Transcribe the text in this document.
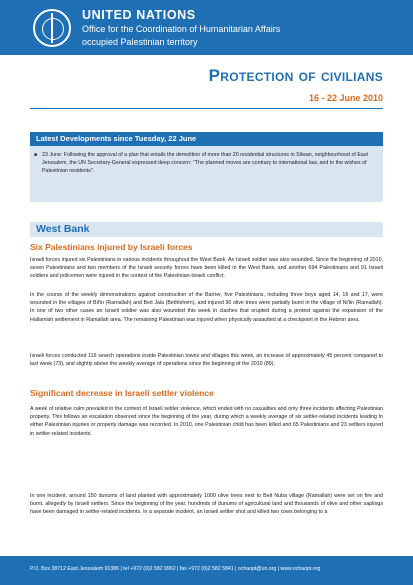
UNITED NATIONS
Office for the Coordination of Humanitarian Affairs
occupied Palestinian territory
Protection of civilians
16 - 22 June 2010
Latest Developments since Tuesday, 22 June
■ 23 June: Following the approval of a plan that entails the demolition of more than 20 residential structures in Silwan, neighbourhood of East Jerusalem, the UN Secretary-General expressed deep concern: "The planned moves are contrary to international law, and to the wishes of Palestinian residents".
West Bank
Six Palestinians injured by Israeli forces
Israeli forces injured six Palestinians in various incidents throughout the West Bank. An Israeli soldier was also wounded. Since the beginning of 2010, seven Palestinians and two members of the Israeli security forces have been killed in the West Bank, and another 694 Palestinians and 91 Israeli soldiers and policemen were injured in the context of the Palestinian-Israeli conflict.
In the course of the weekly demonstrations against construction of the Barrier, five Palestinians, including three boys aged 14, 16 and 17, were wounded in the villages of Bil'in (Ramallah) and Beit Jala (Bethlehem), and injured 90 olive trees were partially burnt in the village of Ni'lin (Ramallah). In one of two other cases an Israeli soldier was also wounded this week in clashes that erupted during a protest against the expansion of the Hallamish settlement in Ramallah area. The remaining Palestinian was injured when physically assaulted at a checkpoint in the Hebron area.
Israeli forces conducted 116 search operations inside Palestinian towns and villages this week, an increase of approximately 45 percent compared to last week (73), and slightly above the weekly average of operations since the beginning of the 2010 (89).
Significant decrease in Israeli settler violence
A week of relative calm prevailed in the context of Israeli settler violence, which ended with no casualties and only three incidents affecting Palestinian property. This follows an escalation observed since the beginning of the year, during which a weekly average of six settler-related incidents leading to either Palestinian injuries or property damage was recorded. In 2010, one Palestinian child has been killed and 65 Palestinians and 23 settlers injured in settler-related incidents.
In one incident, around 150 dunums of land planted with approximately 1000 olive trees next to Beit Nuba village (Ramallah) were set on fire and burnt, allegedly by Israeli settlers. Since the beginning of the year, hundreds of dunums of agricultural land and thousands of olive and other saplings have been damaged in settler-related incidents. In a separate incident, an Israeli settler shot and killed two cows belonging to a
P.O. Box 38712 East Jerusalem 91386 | tel +972 (0)2 582 9962 | fax +972 (0)2 582 5841 | ochaopt@un.org | www.ochaopt.org
